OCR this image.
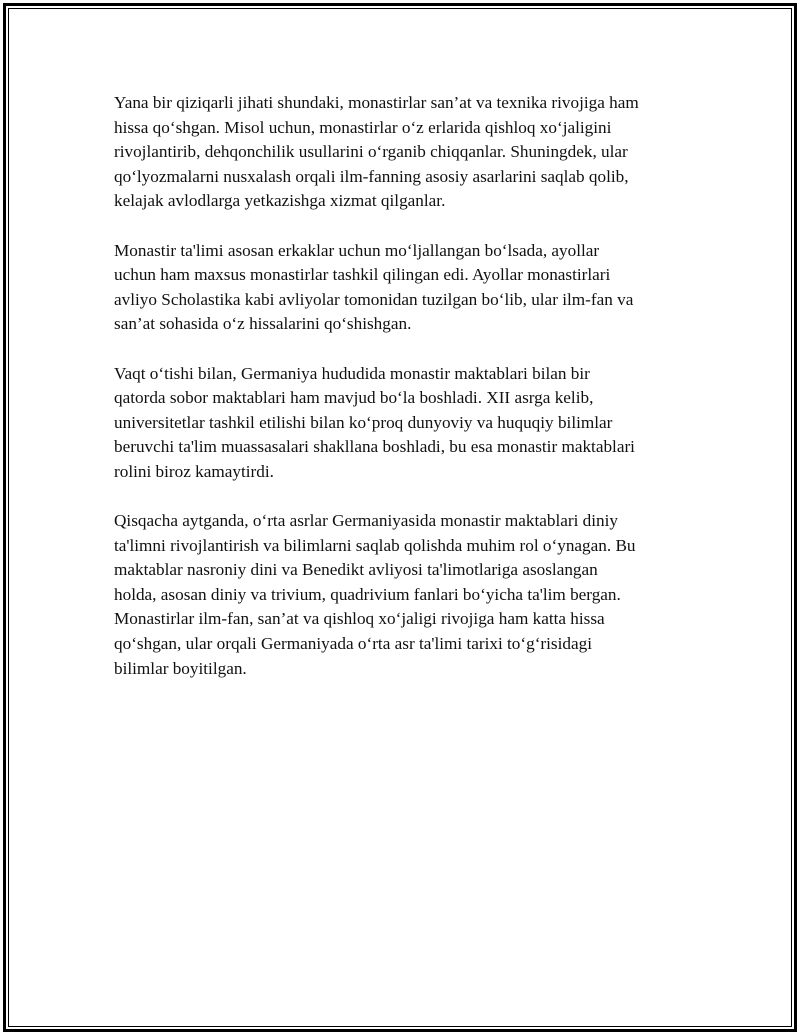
Yana bir qiziqarli jihati shundaki, monastirlar san’at va texnika rivojiga ham
hissa qo‘shgan. Misol uchun, monastirlar o‘z erlarida qishloq xo‘jaligini
rivojlantirib, dehqonchilik usullarini o‘rganib chiqqanlar. Shuningdek, ular
qo‘lyozmalarni nusxalash orqali ilm-fanning asosiy asarlarini saqlab qolib,
kelajak avlodlarga yetkazishga xizmat qilganlar.

Monastir ta'limi asosan erkaklar uchun mo‘ljallangan bo‘lsada, ayollar
uchun ham maxsus monastirlar tashkil qilingan edi. Ayollar monastirlari
avliyo Scholastika kabi avliyolar tomonidan tuzilgan bo‘lib, ular ilm-fan va
san’at sohasida o‘z hissalarini qo‘shishgan.

Vaqt o‘tishi bilan, Germaniya hududida monastir maktablari bilan bir
qatorda sobor maktablari ham mavjud bo‘la boshladi. XII asrga kelib,
universitetlar tashkil etilishi bilan ko‘proq dunyoviy va huquqiy bilimlar
beruvchi ta'lim muassasalari shakllana boshladi, bu esa monastir maktablari
rolini biroz kamaytirdi.

Qisqacha aytganda, o‘rta asrlar Germaniyasida monastir maktablari diniy
ta'limni rivojlantirish va bilimlarni saqlab qolishda muhim rol o‘ynagan. Bu
maktablar nasroniy dini va Benedikt avliyosi ta'limotlariga asoslangan
holda, asosan diniy va trivium, quadrivium fanlari bo‘yicha ta'lim bergan.
Monastirlar ilm-fan, san’at va qishloq xo‘jaligi rivojiga ham katta hissa
qo‘shgan, ular orqali Germaniyada o‘rta asr ta'limi tarixi to‘g‘risidagi
bilimlar boyitilgan.
